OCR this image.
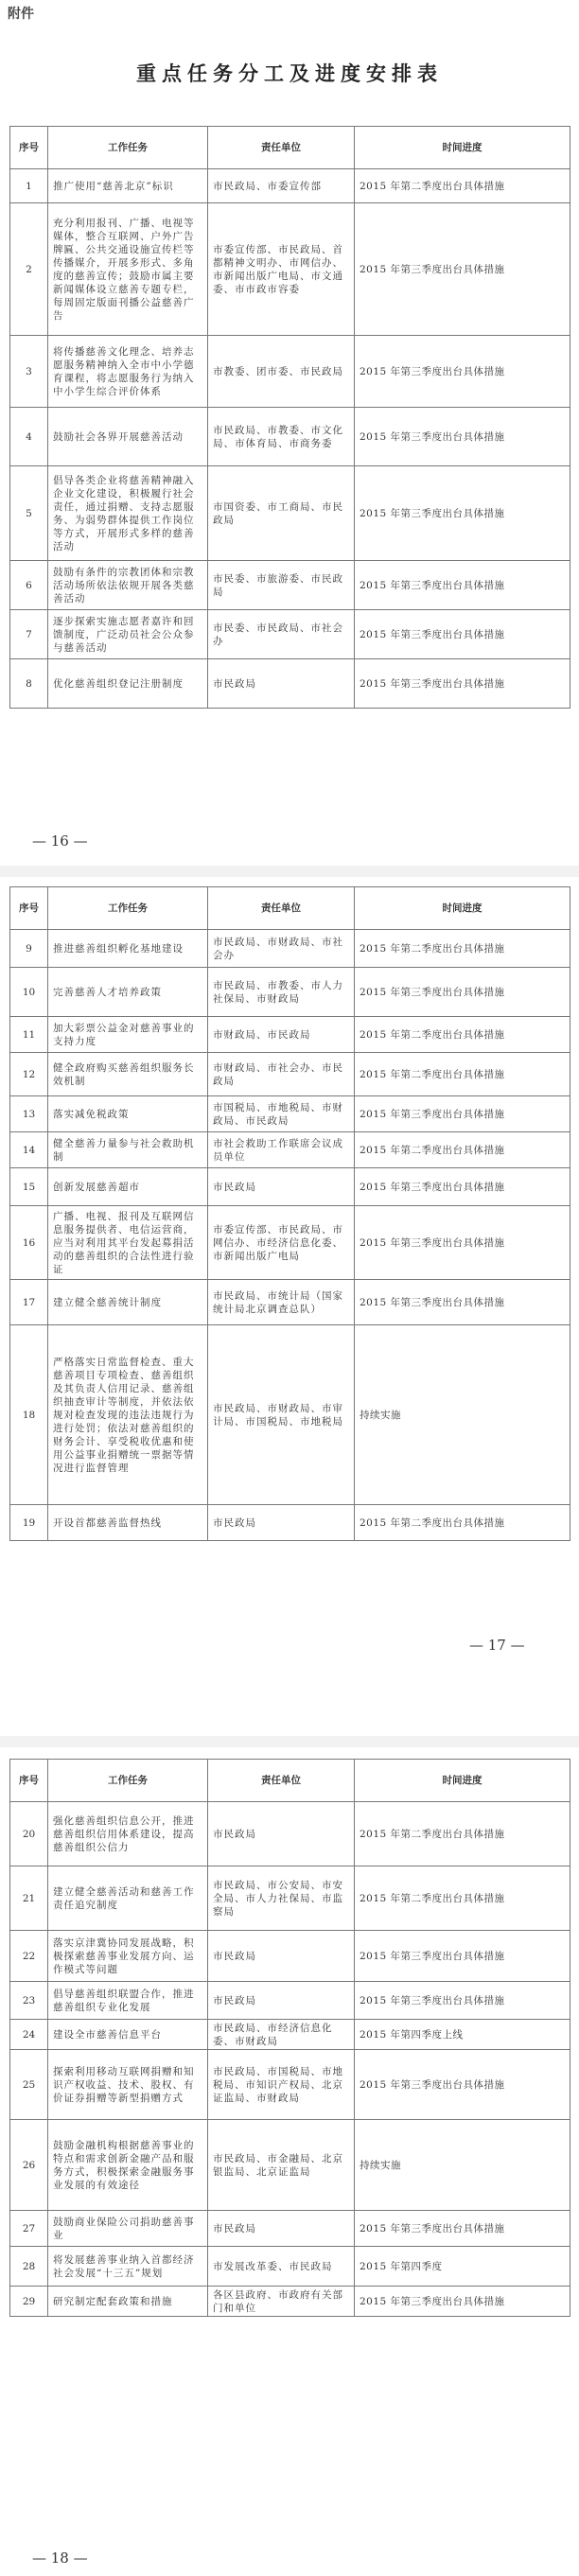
附件
重点任务分工及进度安排表
序号	工作任务	责任单位	时间进度
1	推广使用“慈善北京”标识	市民政局、市委宣传部	2015 年第二季度出台具体措施
2	充分利用报刊、广播、电视等媒体，整合互联网、户外广告牌匾、公共交通设施宣传栏等传播媒介，开展多形式、多角度的慈善宣传；鼓励市属主要新闻媒体设立慈善专题专栏，每周固定版面刊播公益慈善广告	市委宣传部、市民政局、首都精神文明办、市网信办、市新闻出版广电局、市文通委、市市政市容委	2015 年第三季度出台具体措施
3	将传播慈善文化理念、培养志愿服务精神纳入全市中小学德育课程，将志愿服务行为纳入中小学生综合评价体系	市教委、团市委、市民政局	2015 年第三季度出台具体措施
4	鼓励社会各界开展慈善活动	市民政局、市教委、市文化局、市体育局、市商务委	2015 年第三季度出台具体措施
5	倡导各类企业将慈善精神融入企业文化建设，积极履行社会责任，通过捐赠、支持志愿服务、为弱势群体提供工作岗位等方式，开展形式多样的慈善活动	市国资委、市工商局、市民政局	2015 年第三季度出台具体措施
6	鼓励有条件的宗教团体和宗教活动场所依法依规开展各类慈善活动	市民委、市旅游委、市民政局	2015 年第三季度出台具体措施
7	逐步探索实施志愿者嘉许和回馈制度，广泛动员社会公众参与慈善活动	市民委、市民政局、市社会办	2015 年第三季度出台具体措施
8	优化慈善组织登记注册制度	市民政局	2015 年第三季度出台具体措施
— 16 —
序号	工作任务	责任单位	时间进度
9	推进慈善组织孵化基地建设	市民政局、市财政局、市社会办	2015 年第二季度出台具体措施
10	完善慈善人才培养政策	市民政局、市教委、市人力社保局、市财政局	2015 年第三季度出台具体措施
11	加大彩票公益金对慈善事业的支持力度	市财政局、市民政局	2015 年第二季度出台具体措施
12	健全政府购买慈善组织服务长效机制	市财政局、市社会办、市民政局	2015 年第二季度出台具体措施
13	落实减免税政策	市国税局、市地税局、市财政局、市民政局	2015 年第三季度出台具体措施
14	健全慈善力量参与社会救助机制	市社会救助工作联席会议成员单位	2015 年第二季度出台具体措施
15	创新发展慈善超市	市民政局	2015 年第三季度出台具体措施
16	广播、电视、报刊及互联网信息服务提供者、电信运营商，应当对利用其平台发起募捐活动的慈善组织的合法性进行验证	市委宣传部、市民政局、市网信办、市经济信息化委、市新闻出版广电局	2015 年第三季度出台具体措施
17	建立健全慈善统计制度	市民政局、市统计局（国家统计局北京调查总队）	2015 年第三季度出台具体措施
18	严格落实日常监督检查、重大慈善项目专项检查、慈善组织及其负责人信用记录、慈善组织抽查审计等制度，并依法依规对检查发现的违法违规行为进行处罚；依法对慈善组织的财务会计、享受税收优惠和使用公益事业捐赠统一票据等情况进行监督管理	市民政局、市财政局、市审计局、市国税局、市地税局	持续实施
19	开设首都慈善监督热线	市民政局	2015 年第二季度出台具体措施
— 17 —
序号	工作任务	责任单位	时间进度
20	强化慈善组织信息公开，推进慈善组织信用体系建设，提高慈善组织公信力	市民政局	2015 年第二季度出台具体措施
21	建立健全慈善活动和慈善工作责任追究制度	市民政局、市公安局、市安全局、市人力社保局、市监察局	2015 年第二季度出台具体措施
22	落实京津冀协同发展战略，积极探索慈善事业发展方向、运作模式等问题	市民政局	2015 年第三季度出台具体措施
23	倡导慈善组织联盟合作，推进慈善组织专业化发展	市民政局	2015 年第三季度出台具体措施
24	建设全市慈善信息平台	市民政局、市经济信息化委、市财政局	2015 年第四季度上线
25	探索利用移动互联网捐赠和知识产权收益、技术、股权、有价证券捐赠等新型捐赠方式	市民政局、市国税局、市地税局、市知识产权局、北京证监局、市财政局	2015 年第三季度出台具体措施
26	鼓励金融机构根据慈善事业的特点和需求创新金融产品和服务方式，积极探索金融服务事业发展的有效途径	市民政局、市金融局、北京银监局、北京证监局	持续实施
27	鼓励商业保险公司捐助慈善事业	市民政局	2015 年第三季度出台具体措施
28	将发展慈善事业纳入首都经济社会发展“十三五”规划	市发展改革委、市民政局	2015 年第四季度
29	研究制定配套政策和措施	各区县政府、市政府有关部门和单位	2015 年第三季度出台具体措施
— 18 —
